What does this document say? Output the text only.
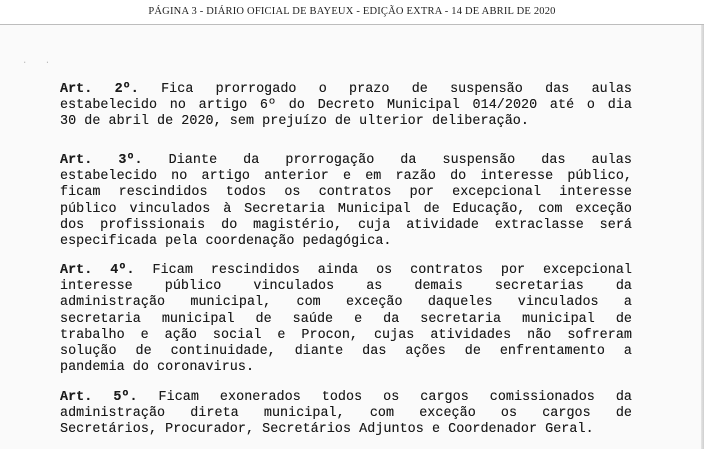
PÁGINA 3 - DIÁRIO OFICIAL DE BAYEUX - EDIÇÃO EXTRA - 14 DE ABRIL DE 2020
· ·
Art. 2º. Fica prorrogado o prazo de suspensão das aulas
estabelecido no artigo 6º do Decreto Municipal 014/2020 até o dia
30 de abril de 2020, sem prejuízo de ulterior deliberação.
Art. 3º. Diante da prorrogação da suspensão das aulas
estabelecido no artigo anterior e em razão do interesse público,
ficam rescindidos todos os contratos por excepcional interesse
público vinculados à Secretaria Municipal de Educação, com exceção
dos profissionais do magistério, cuja atividade extraclasse será
especificada pela coordenação pedagógica.
Art. 4º. Ficam rescindidos ainda os contratos por excepcional
interesse público vinculados as demais secretarias da
administração municipal, com exceção daqueles vinculados a
secretaria municipal de saúde e da secretaria municipal de
trabalho e ação social e Procon, cujas atividades não sofreram
solução de continuidade, diante das ações de enfrentamento a
pandemia do coronavirus.
Art. 5º. Ficam exonerados todos os cargos comissionados da
administração direta municipal, com exceção os cargos de
Secretários, Procurador, Secretários Adjuntos e Coordenador Geral.
